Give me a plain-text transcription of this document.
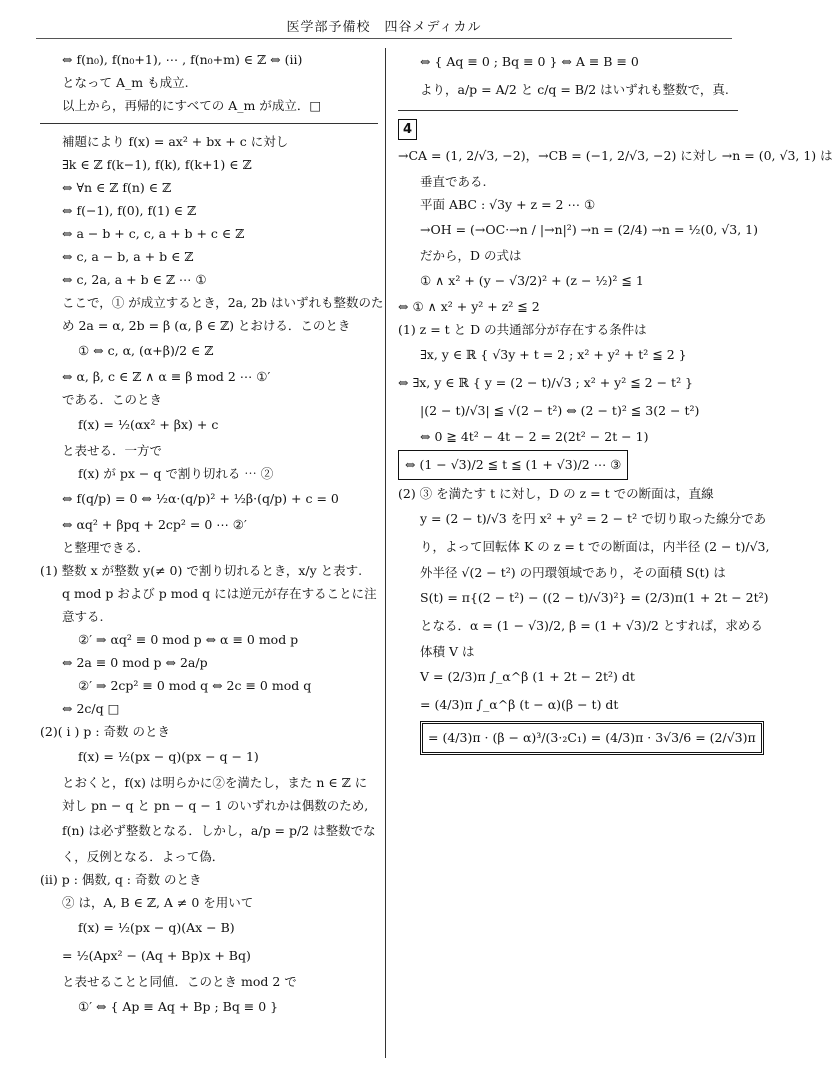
医学部予備校　四谷メディカル
⇔ f(n₀), f(n₀+1), ⋯ , f(n₀+m) ∈ ℤ ⇔ (ii)
となって A_m も成立.
以上から，再帰的にすべての A_m が成立．□
補題により f(x) = ax² + bx + c に対し
∃k ∈ ℤ f(k−1), f(k), f(k+1) ∈ ℤ
⇔ ∀n ∈ ℤ f(n) ∈ ℤ
⇔ f(−1), f(0), f(1) ∈ ℤ
⇔ a − b + c, c, a + b + c ∈ ℤ
⇔ c, a − b, a + b ∈ ℤ
⇔ c, 2a, a + b ∈ ℤ ⋯ ①
ここで，① が成立するとき，2a, 2b はいずれも整数のた
め 2a = α, 2b = β (α, β ∈ ℤ) とおける．このとき
① ⇔ c, α, (α+β)/2 ∈ ℤ
⇔ α, β, c ∈ ℤ ∧ α ≡ β mod 2 ⋯ ①′
である．このとき
f(x) = ½(αx² + βx) + c
と表せる．一方で
f(x) が px − q で割り切れる ⋯ ②
⇔ f(q/p) = 0 ⇔ ½α·(q/p)² + ½β·(q/p) + c = 0
⇔ αq² + βpq + 2cp² = 0 ⋯ ②′
と整理できる．
(1) 整数 x が整数 y(≠ 0) で割り切れるとき，x/y と表す.
q mod p および p mod q には逆元が存在することに注
意する.
②′ ⇒ αq² ≡ 0 mod p ⇔ α ≡ 0 mod p
⇔ 2a ≡ 0 mod p ⇔ 2a/p
②′ ⇒ 2cp² ≡ 0 mod q ⇔ 2c ≡ 0 mod q
⇔ 2c/q □
(2)( i ) p : 奇数 のとき
f(x) = ½(px − q)(px − q − 1)
とおくと，f(x) は明らかに②を満たし，また n ∈ ℤ に
対し pn − q と pn − q − 1 のいずれかは偶数のため,
f(n) は必ず整数となる．しかし，a/p = p/2 は整数でな
く，反例となる．よって偽．
(ii) p : 偶数, q : 奇数 のとき
② は，A, B ∈ ℤ, A ≠ 0 を用いて
f(x) = ½(px − q)(Ax − B)
= ½(Apx² − (Aq + Bp)x + Bq)
と表せることと同値．このとき mod 2 で
①′ ⇔ { Ap ≡ Aq + Bp ; Bq ≡ 0 }
⇔ { Aq ≡ 0 ; Bq ≡ 0 } ⇔ A ≡ B ≡ 0
より，a/p = A/2 と c/q = B/2 はいずれも整数で，真.
4
→CA = (1, 2/√3, −2)，→CB = (−1, 2/√3, −2) に対し →n = (0, √3, 1) は
垂直である.
平面 ABC : √3y + z = 2 ⋯ ①
→OH = (→OC·→n / |→n|²) →n = (2/4) →n = ½(0, √3, 1)
だから，D の式は
① ∧ x² + (y − √3/2)² + (z − ½)² ≦ 1
⇔ ① ∧ x² + y² + z² ≦ 2
(1) z = t と D の共通部分が存在する条件は
∃x, y ∈ ℝ { √3y + t = 2 ; x² + y² + t² ≦ 2 }
⇔ ∃x, y ∈ ℝ { y = (2 − t)/√3 ; x² + y² ≦ 2 − t² }
|(2 − t)/√3| ≦ √(2 − t²) ⇔ (2 − t)² ≦ 3(2 − t²)
⇔ 0 ≧ 4t² − 4t − 2 = 2(2t² − 2t − 1)
⇔ (1 − √3)/2 ≦ t ≦ (1 + √3)/2 ⋯ ③
(2) ③ を満たす t に対し，D の z = t での断面は，直線
y = (2 − t)/√3 を円 x² + y² = 2 − t² で切り取った線分であ
り，よって回転体 K の z = t での断面は，内半径 (2 − t)/√3,
外半径 √(2 − t²) の円環領域であり，その面積 S(t) は
S(t) = π{(2 − t²) − ((2 − t)/√3)²} = (2/3)π(1 + 2t − 2t²)
となる．α = (1 − √3)/2, β = (1 + √3)/2 とすれば，求める
体積 V は
V = (2/3)π ∫_α^β (1 + 2t − 2t²) dt
= (4/3)π ∫_α^β (t − α)(β − t) dt
= (4/3)π · (β − α)³/(3·₂C₁) = (4/3)π · 3√3/6 = (2/√3)π
